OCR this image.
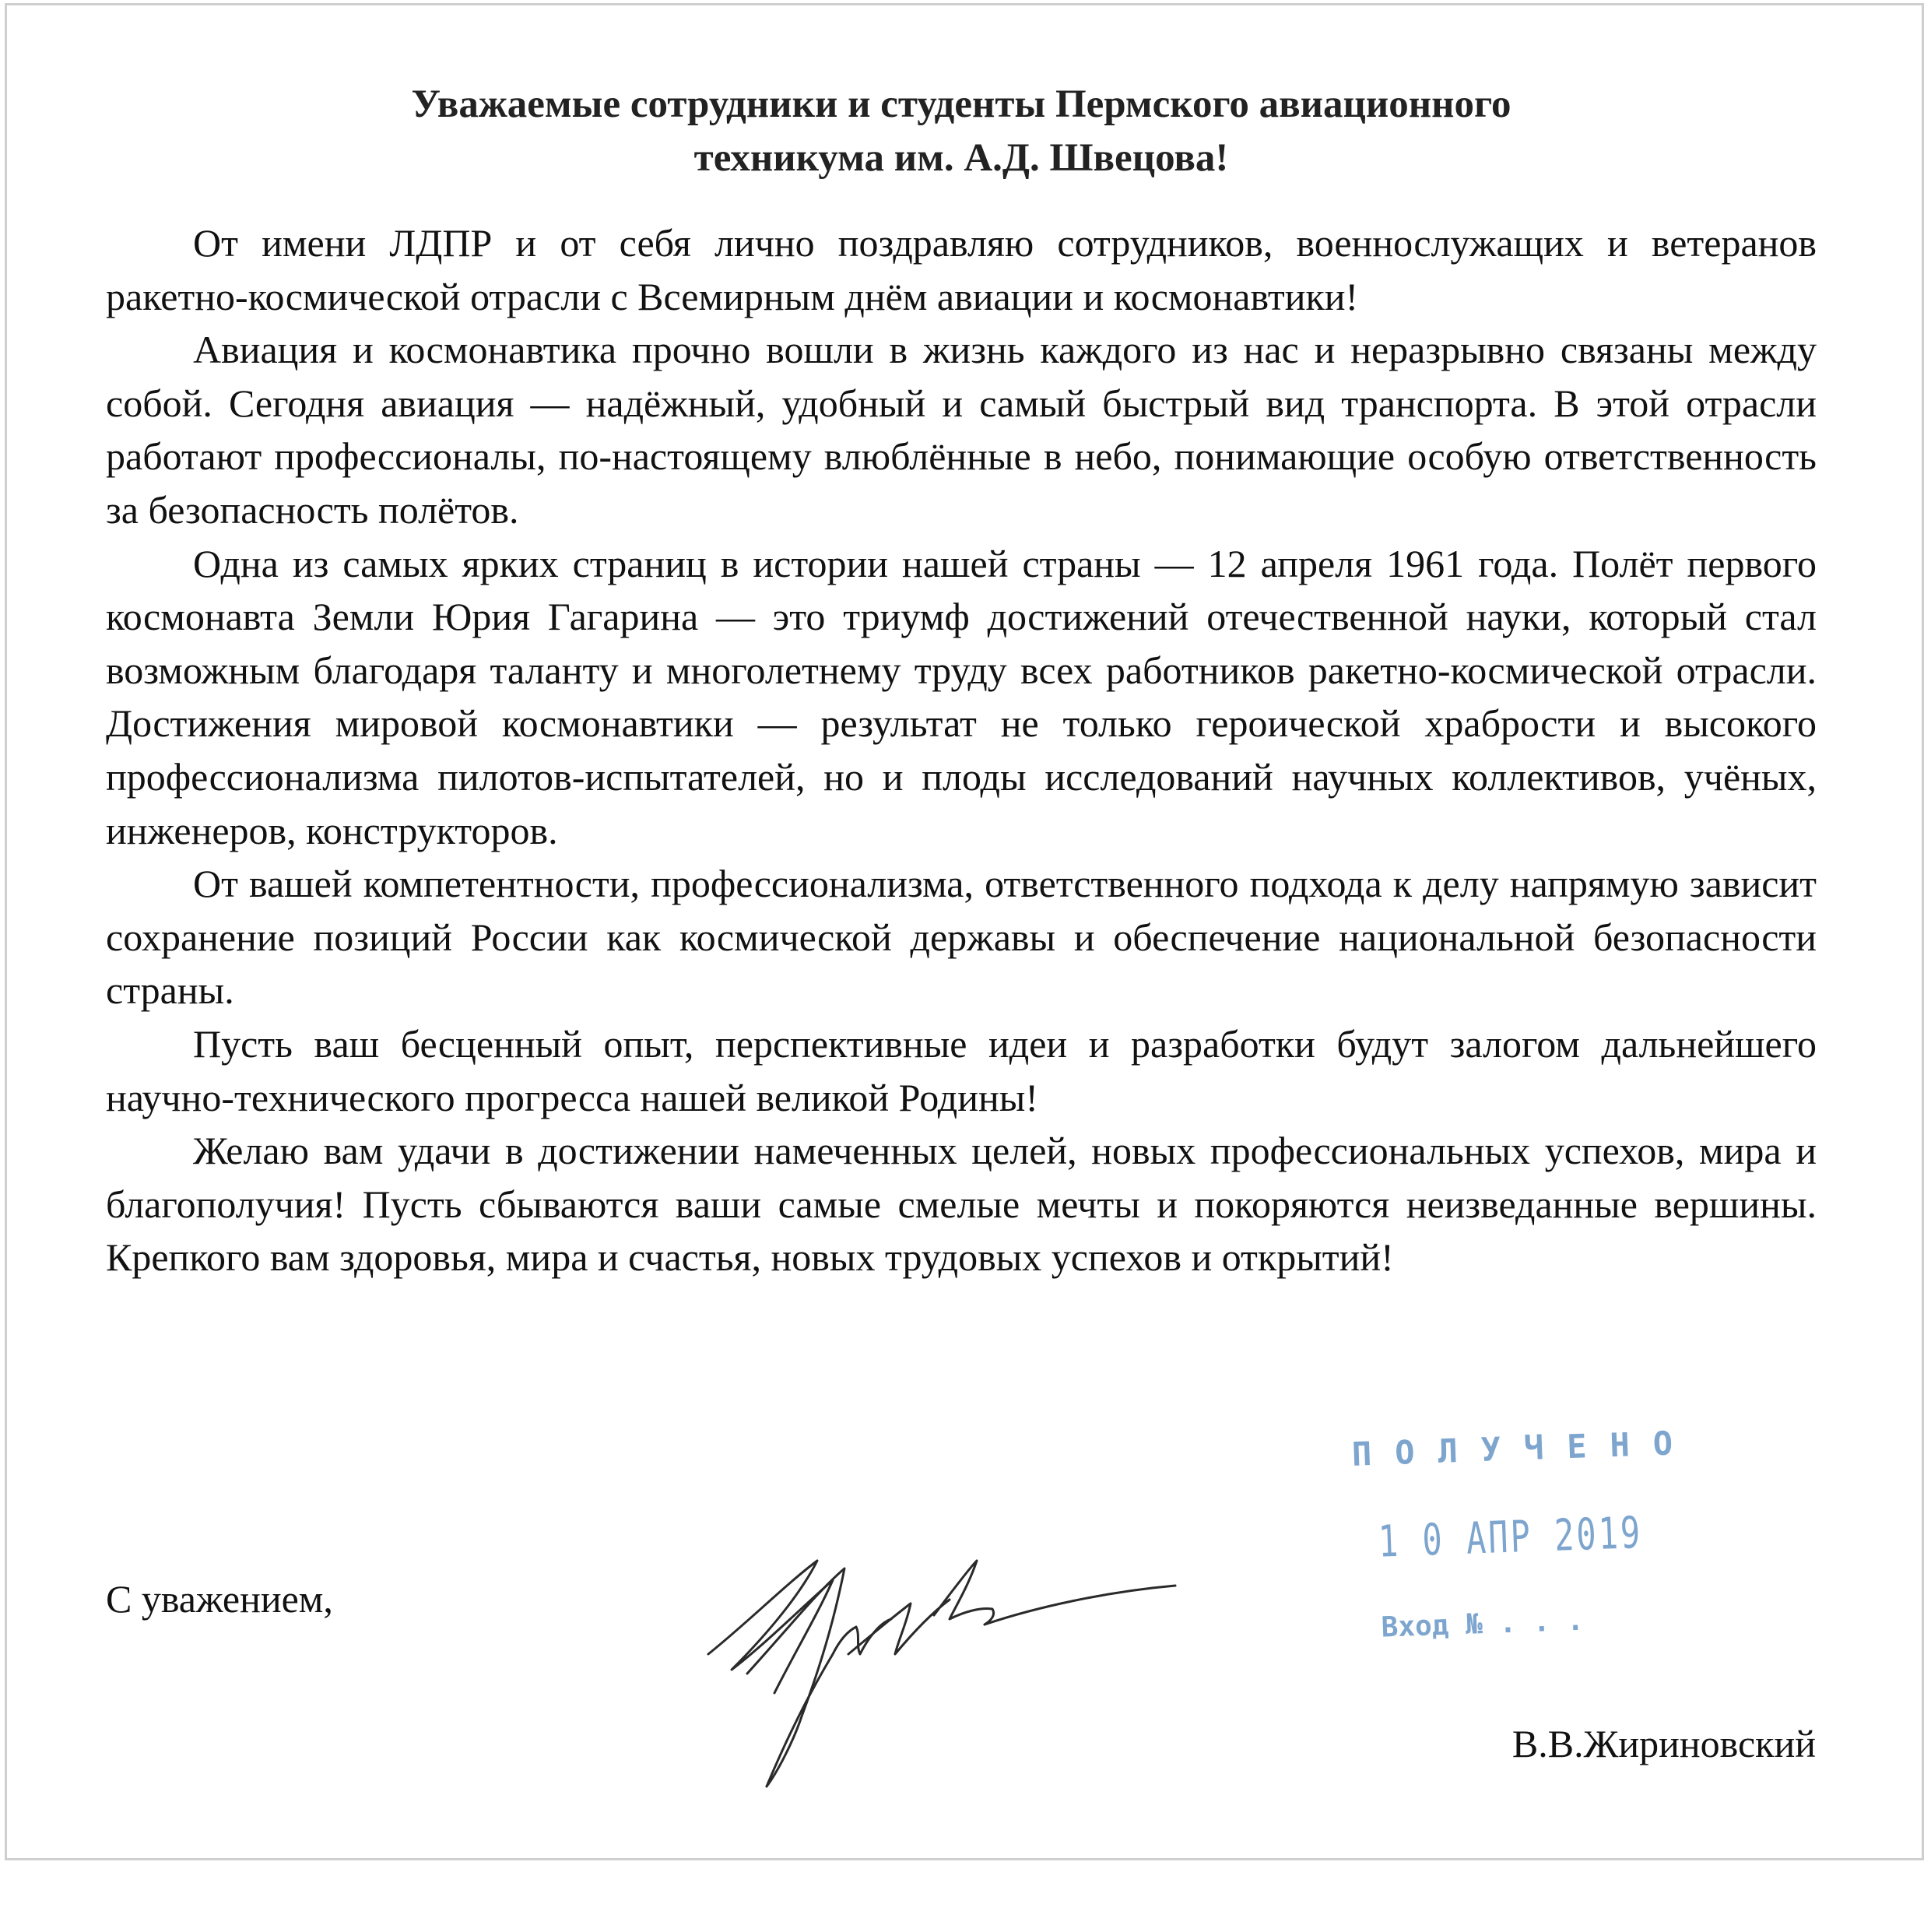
Уважаемые сотрудники и студенты Пермского авиационного
техникума им. А.Д. Швецова!

От имени ЛДПР и от себя лично поздравляю сотрудников, военнослужащих и ветеранов ракетно-космической отрасли с Всемирным днём авиации и космонавтики!

Авиация и космонавтика прочно вошли в жизнь каждого из нас и неразрывно связаны между собой. Сегодня авиация — надёжный, удобный и самый быстрый вид транспорта. В этой отрасли работают профессионалы, по-настоящему влюблённые в небо, понимающие особую ответственность за безопасность полётов.

Одна из самых ярких страниц в истории нашей страны — 12 апреля 1961 года. Полёт первого космонавта Земли Юрия Гагарина — это триумф достижений отечественной науки, который стал возможным благодаря таланту и многолетнему труду всех работников ракетно-космической отрасли. Достижения мировой космонавтики — результат не только героической храбрости и высокого профессионализма пилотов-испытателей, но и плоды исследований научных коллективов, учёных, инженеров, конструкторов.

От вашей компетентности, профессионализма, ответственного подхода к делу напрямую зависит сохранение позиций России как космической державы и обеспечение национальной безопасности страны.

Пусть ваш бесценный опыт, перспективные идеи и разработки будут залогом дальнейшего научно-технического прогресса нашей великой Родины!

Желаю вам удачи в достижении намеченных целей, новых профессиональных успехов, мира и благополучия! Пусть сбываются ваши самые смелые мечты и покоряются неизведанные вершины. Крепкого вам здоровья, мира и счастья, новых трудовых успехов и открытий!

ПОЛУЧЕНО
1 0 АПР 2019
Вход № . . .
С уважением,
В.В.Жириновский
